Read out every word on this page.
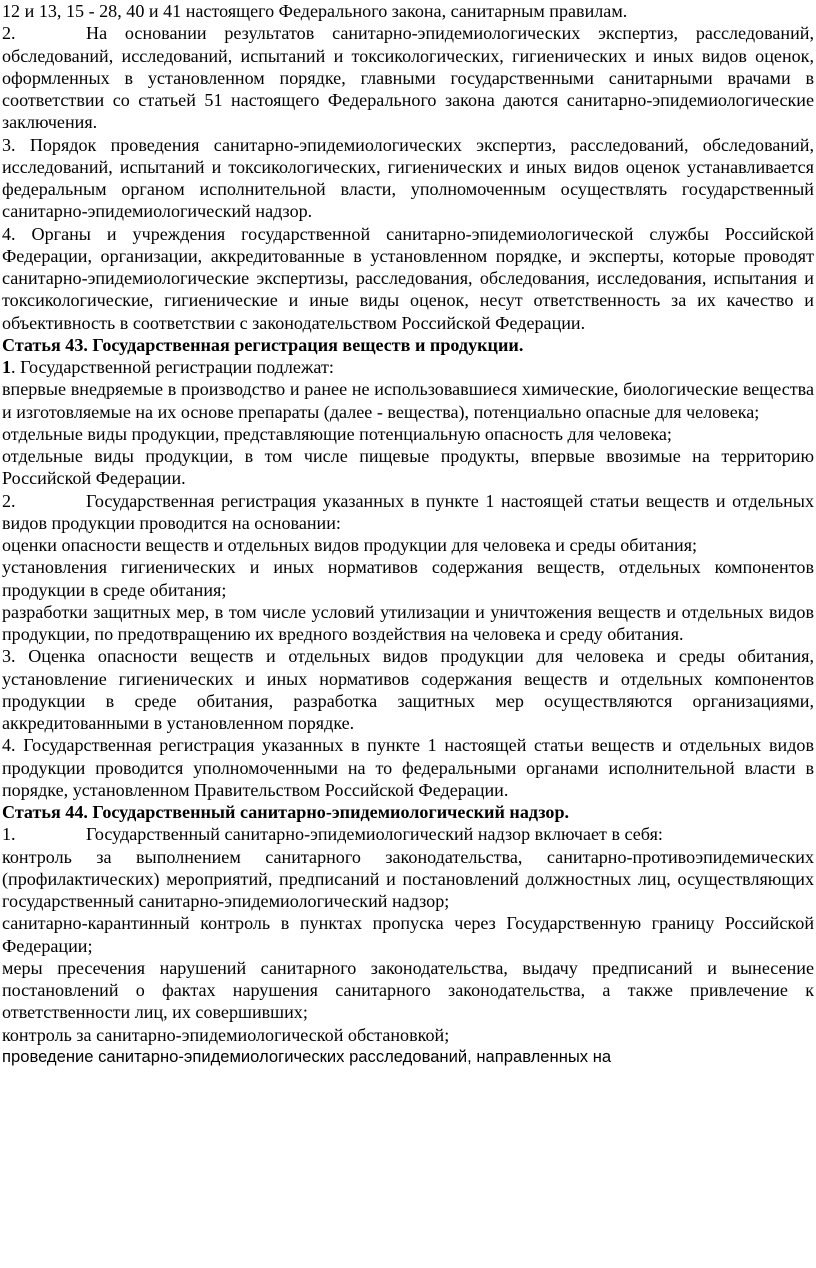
12 и 13, 15 - 28, 40 и 41 настоящего Федерального закона, санитарным правилам.

2.	На основании результатов санитарно-эпидемиологических экспертиз, расследований, обследований, исследований, испытаний и токсикологических, гигиенических и иных видов оценок, оформленных в установленном порядке, главными государственными санитарными врачами в соответствии со статьей 51 настоящего Федерального закона даются санитарно-эпидемиологические заключения.

3. Порядок проведения санитарно-эпидемиологических экспертиз, расследований, обследований, исследований, испытаний и токсикологических, гигиенических и иных видов оценок устанавливается федеральным органом исполнительной власти, уполномоченным осуществлять государственный санитарно-эпидемиологический надзор.

4. Органы и учреждения государственной санитарно-эпидемиологической службы Российской Федерации, организации, аккредитованные в установленном порядке, и эксперты, которые проводят санитарно-эпидемиологические экспертизы, расследования, обследования, исследования, испытания и токсикологические, гигиенические и иные виды оценок, несут ответственность за их качество и объективность в соответствии с законодательством Российской Федерации.

Статья 43. Государственная регистрация веществ и продукции.

1. Государственной регистрации подлежат:

впервые внедряемые в производство и ранее не использовавшиеся химические, биологические вещества и изготовляемые на их основе препараты (далее - вещества), потенциально опасные для человека;

отдельные виды продукции, представляющие потенциальную опасность для человека;

отдельные виды продукции, в том числе пищевые продукты, впервые ввозимые на территорию Российской Федерации.

2.	Государственная регистрация указанных в пункте 1 настоящей статьи веществ и отдельных видов продукции проводится на основании:

оценки опасности веществ и отдельных видов продукции для человека и среды обитания;

установления гигиенических и иных нормативов содержания веществ, отдельных компонентов продукции в среде обитания;

разработки защитных мер, в том числе условий утилизации и уничтожения веществ и отдельных видов продукции, по предотвращению их вредного воздействия на человека и среду обитания.

3. Оценка опасности веществ и отдельных видов продукции для человека и среды обитания, установление гигиенических и иных нормативов содержания веществ и отдельных компонентов продукции в среде обитания, разработка защитных мер осуществляются организациями, аккредитованными в установленном порядке.

4. Государственная регистрация указанных в пункте 1 настоящей статьи веществ и отдельных видов продукции проводится уполномоченными на то федеральными органами исполнительной власти в порядке, установленном Правительством Российской Федерации.

Статья 44. Государственный санитарно-эпидемиологический надзор.

1.	Государственный санитарно-эпидемиологический надзор включает в себя:

контроль за выполнением санитарного законодательства, санитарно-противоэпидемических (профилактических) мероприятий, предписаний и постановлений должностных лиц, осуществляющих государственный санитарно-эпидемиологический надзор;

санитарно-карантинный контроль в пунктах пропуска через Государственную границу Российской Федерации;

меры пресечения нарушений санитарного законодательства, выдачу предписаний и вынесение постановлений о фактах нарушения санитарного законодательства, а также привлечение к ответственности лиц, их совершивших;

контроль за санитарно-эпидемиологической обстановкой;

проведение санитарно-эпидемиологических расследований, направленных на
